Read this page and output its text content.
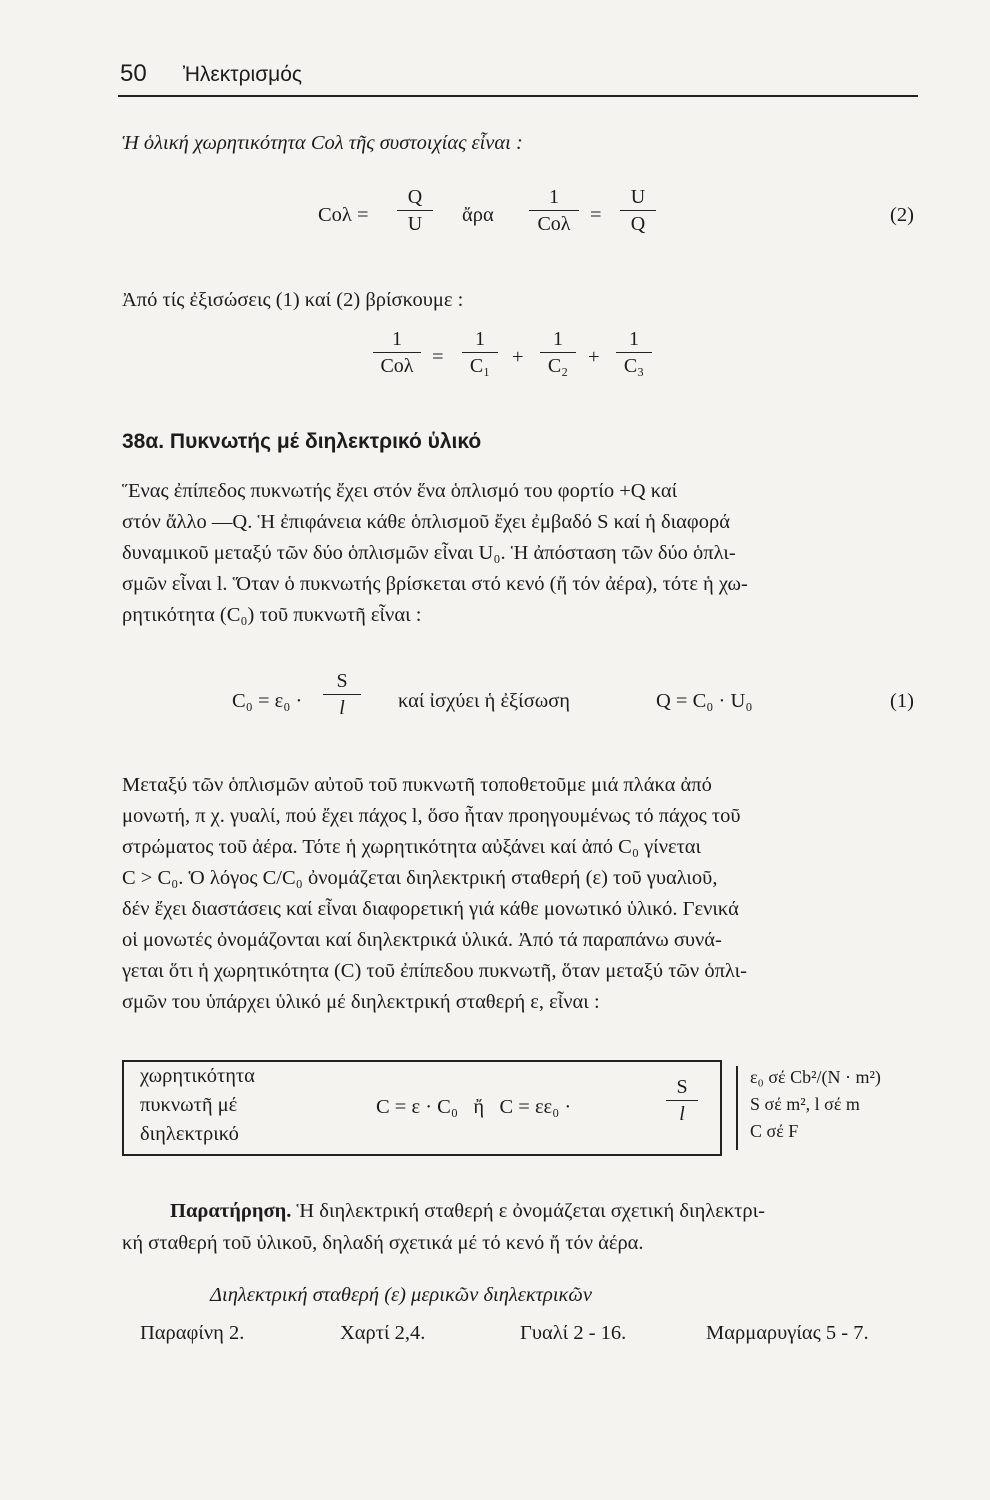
50 Ἠλεκτρισμός
Ἡ ὁλική χωρητικότητα Cολ τῆς συστοιχίας εἶναι :
Cολ =
Q
U	ἄρα
1
Cολ =
U
Q	(2)
Ἀπό τίς ἐξισώσεις (1) καί (2) βρίσκουμε :
1
Cολ =
1
C₁	+
1
C₂ +
1
C₃
38α. Πυκνωτής μέ διηλεκτρικό ὑλικό
Ἕνας ἐπίπεδος πυκνωτής ἔχει στόν ἕνα ὁπλισμό του φορτίο +Q καί
στόν ἄλλο —Q. Ἡ ἐπιφάνεια κάθε ὁπλισμοῦ ἔχει ἐμβαδό S καί ἡ διαφορά
δυναμικοῦ μεταξύ τῶν δύο ὁπλισμῶν εἶναι U₀. Ἡ ἀπόσταση τῶν δύο ὁπλι-
σμῶν εἶναι l. Ὅταν ὁ πυκνωτής βρίσκεται στό κενό (ἤ τόν ἀέρα), τότε ἡ χω-
ρητικότητα (C₀) τοῦ πυκνωτῆ εἶναι :
C₀ = ε₀ ·
S
l	καί ἰσχύει ἡ ἐξίσωση	Q = C₀ · U₀	(1)
Μεταξύ τῶν ὁπλισμῶν αὐτοῦ τοῦ πυκνωτῆ τοποθετοῦμε μιά πλάκα ἀπό
μονωτή, π χ. γυαλί, πού ἔχει πάχος l, ὅσο ἦταν προηγουμένως τό πάχος τοῦ
στρώματος τοῦ ἀέρα. Τότε ἡ χωρητικότητα αὐξάνει καί ἀπό C₀ γίνεται
C > C₀. Ὁ λόγος C/C₀ ὀνομάζεται διηλεκτρική σταθερή (ε) τοῦ γυαλιοῦ,
δέν ἔχει διαστάσεις καί εἶναι διαφορετική γιά κάθε μονωτικό ὑλικό. Γενικά
οἱ μονωτές ὀνομάζονται καί διηλεκτρικά ὑλικά. Ἀπό τά παραπάνω συνά-
γεται ὅτι ἡ χωρητικότητα (C) τοῦ ἐπίπεδου πυκνωτῆ, ὅταν μεταξύ τῶν ὁπλι-
σμῶν του ὑπάρχει ὑλικό μέ διηλεκτρική σταθερή ε, εἶναι :
χωρητικότητα
πυκνωτῆ μέ
διηλεκτρικό
C = ε · C₀   ἤ   C = εε₀ ·
S
l
ε₀ σέ Cb²/(N · m²)
S σέ m², l σέ m
C σέ F
Παρατήρηση. Ἡ διηλεκτρική σταθερή ε ὀνομάζεται σχετική διηλεκτρι-
κή σταθερή τοῦ ὑλικοῦ, δηλαδή σχετικά μέ τό κενό ἤ τόν ἀέρα.
Διηλεκτρική σταθερή (ε) μερικῶν διηλεκτρικῶν
Παραφίνη 2.	Χαρτί 2,4.	Γυαλί 2 - 16.	Μαρμαρυγίας 5 - 7.
